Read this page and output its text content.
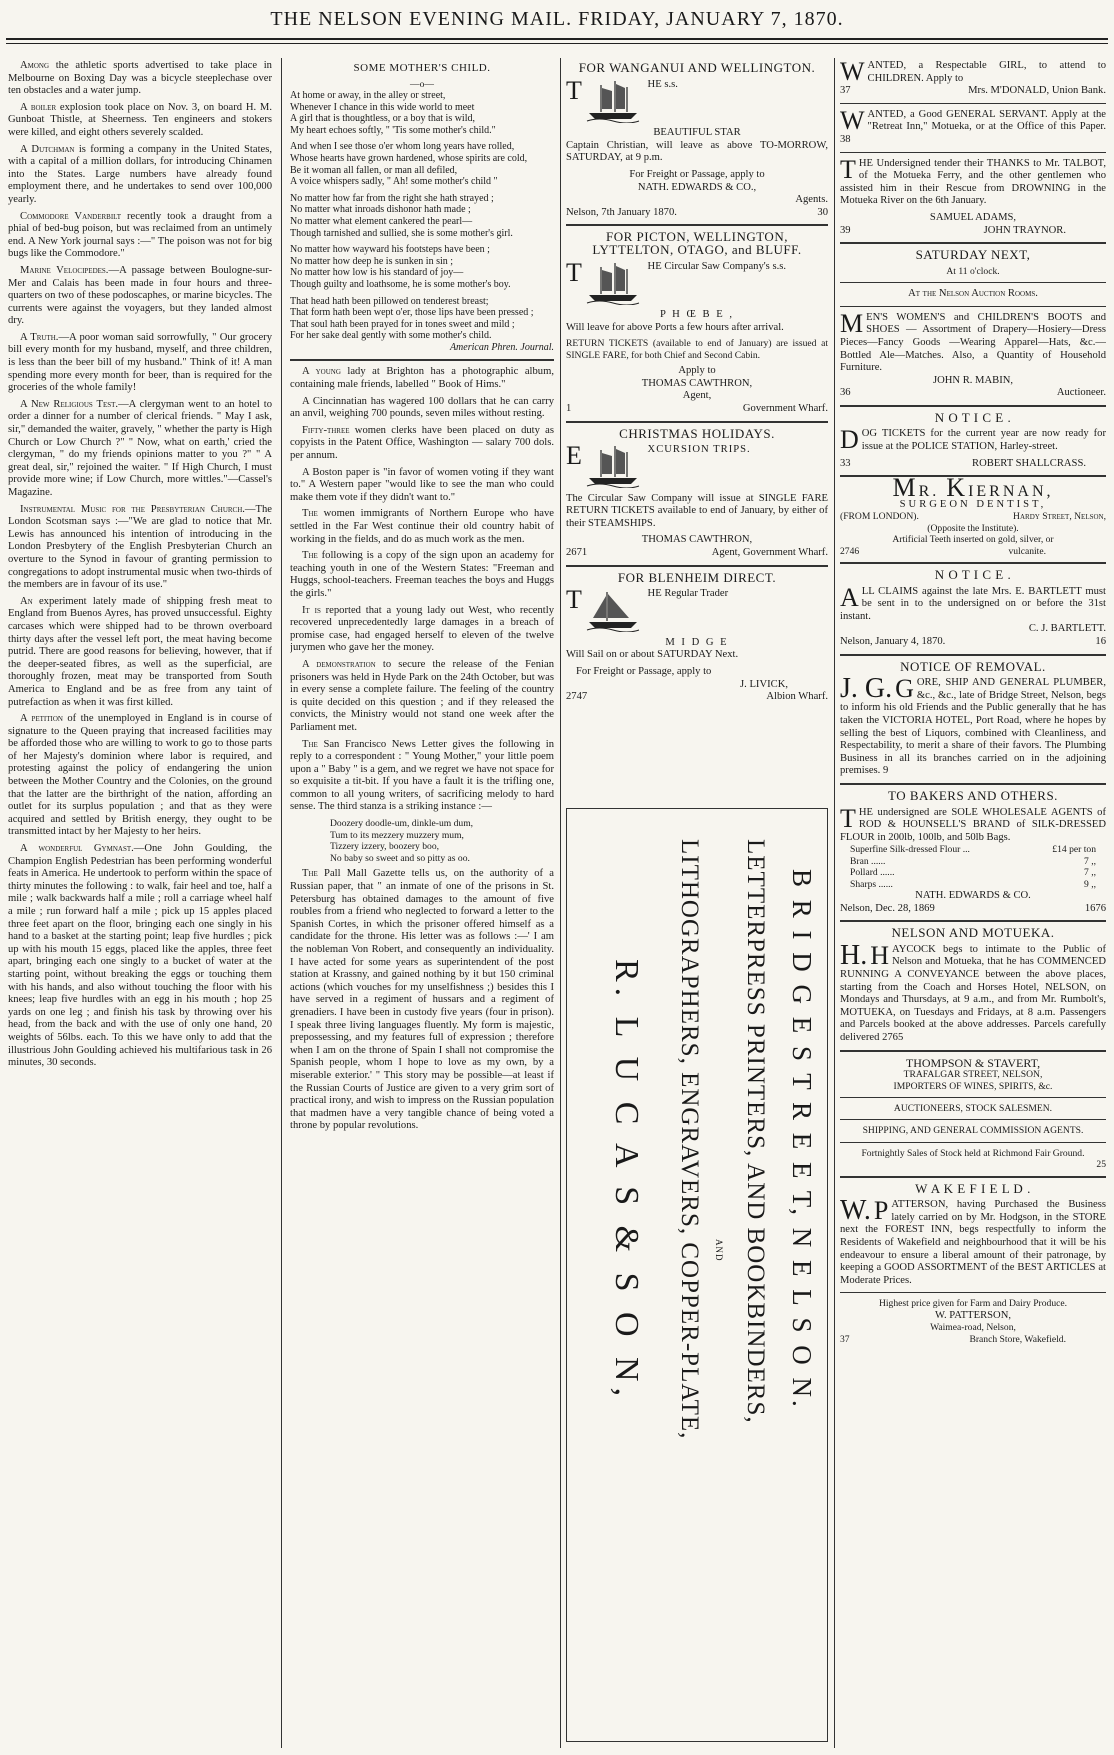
THE NELSON EVENING MAIL. FRIDAY, JANUARY 7, 1870.

Among the athletic sports advertised to take place in Melbourne on Boxing Day was a bicycle steeplechase over ten obstacles and a water jump.

A boiler explosion took place on Nov. 3, on board H. M. Gunboat Thistle, at Sheerness. Ten engineers and stokers were killed, and eight others severely scalded.

A Dutchman is forming a company in the United States, with a capital of a million dollars, for introducing Chinamen into the States. Large numbers have already found employment there, and he undertakes to send over 100,000 yearly.

Commodore Vanderbilt recently took a draught from a phial of bed-bug poison, but was reclaimed from an untimely end. A New York journal says :—" The poison was not for big bugs like the Commodore."

Marine Velocipedes.—A passage between Boulogne-sur-Mer and Calais has been made in four hours and three-quarters on two of these podoscaphes, or marine bicycles. The currents were against the voyagers, but they landed almost dry.

A Truth.—A poor woman said sorrowfully, " Our grocery bill every month for my husband, myself, and three children, is less than the beer bill of my husband." Think of it! A man spending more every month for beer, than is required for the groceries of the whole family!

A New Religious Test.—A clergyman went to an hotel to order a dinner for a number of clerical friends. " May I ask, sir," demanded the waiter, gravely, " whether the party is High Church or Low Church ?" " Now, what on earth,' cried the clergyman, " do my friends opinions matter to you ?" " A great deal, sir," rejoined the waiter. " If High Church, I must provide more wine; if Low Church, more wittles."—Cassel's Magazine.

Instrumental Music for the Presbyterian Church.—The London Scotsman says :—"We are glad to notice that Mr. Lewis has announced his intention of introducing in the London Presbytery of the English Presbyterian Church an overture to the Synod in favour of granting permission to congregations to adopt instrumental music when two-thirds of the members are in favour of its use."

An experiment lately made of shipping fresh meat to England from Buenos Ayres, has proved unsuccessful. Eighty carcases which were shipped had to be thrown overboard thirty days after the vessel left port, the meat having become putrid. There are good reasons for believing, however, that if the deeper-seated fibres, as well as the superficial, are thoroughly frozen, meat may be transported from South America to England and be as free from any taint of putrefaction as when it was first killed.

A petition of the unemployed in England is in course of signature to the Queen praying that increased facilities may be afforded those who are willing to work to go to those parts of her Majesty's dominion where labor is required, and protesting against the policy of endangering the union between the Mother Country and the Colonies, on the ground that the latter are the birthright of the nation, affording an outlet for its surplus population ; and that as they were acquired and settled by British energy, they ought to be transmitted intact by her Majesty to her heirs.

A wonderful Gymnast.—One John Goulding, the Champion English Pedestrian has been performing wonderful feats in America. He undertook to perform within the space of thirty minutes the following : to walk, fair heel and toe, half a mile ; walk backwards half a mile ; roll a carriage wheel half a mile ; run forward half a mile ; pick up 15 apples placed three feet apart on the floor, bringing each one singly in his hand to a basket at the starting point; leap five hurdles ; pick up with his mouth 15 eggs, placed like the apples, three feet apart, bringing each one singly to a bucket of water at the starting point, without breaking the eggs or touching them with his hands, and also without touching the floor with his knees; leap five hurdles with an egg in his mouth ; hop 25 yards on one leg ; and finish his task by throwing over his head, from the back and with the use of only one hand, 20 weights of 56lbs. each. To this we have only to add that the illustrious John Goulding achieved his multifarious task in 26 minutes, 30 seconds.

SOME MOTHER'S CHILD.
—o—
At home or away, in the alley or street,
Whenever I chance in this wide world to meet
A girl that is thoughtless, or a boy that is wild,
My heart echoes softly, " 'Tis some mother's child."
And when I see those o'er whom long years have rolled,
Whose hearts have grown hardened, whose spirits are cold,
Be it woman all fallen, or man all defiled,
A voice whispers sadly, " Ah! some mother's child "
No matter how far from the right she hath strayed ;
No matter what inroads dishonor hath made ;
No matter what element cankered the pearl—
Though tarnished and sullied, she is some mother's girl.
No matter how wayward his footsteps have been ;
No matter how deep he is sunken in sin ;
No matter how low is his standard of joy—
Though guilty and loathsome, he is some mother's boy.
That head hath been pillowed on tenderest breast;
That form hath been wept o'er, those lips have been pressed ;
That soul hath been prayed for in tones sweet and mild ;
For her sake deal gently with some mother's child.
American Phren. Journal.

A young lady at Brighton has a photographic album, containing male friends, labelled " Book of Hims."

A Cincinnatian has wagered 100 dollars that he can carry an anvil, weighing 700 pounds, seven miles without resting.

Fifty-three women clerks have been placed on duty as copyists in the Patent Office, Washington — salary 700 dols. per annum.

A Boston paper is "in favor of women voting if they want to." A Western paper "would like to see the man who could make them vote if they didn't want to."

The women immigrants of Northern Europe who have settled in the Far West continue their old country habit of working in the fields, and do as much work as the men.

The following is a copy of the sign upon an academy for teaching youth in one of the Western States: "Freeman and Huggs, school-teachers. Freeman teaches the boys and Huggs the girls."

It is reported that a young lady out West, who recently recovered unprecedentedly large damages in a breach of promise case, had engaged herself to eleven of the twelve jurymen who gave her the money.

A demonstration to secure the release of the Fenian prisoners was held in Hyde Park on the 24th October, but was in every sense a complete failure. The feeling of the country is quite decided on this question ; and if they released the convicts, the Ministry would not stand one week after the Parliament met.

The San Francisco News Letter gives the following in reply to a correspondent : " Young Mother," your little poem upon a " Baby " is a gem, and we regret we have not space for so exquisite a tit-bit. If you have a fault it is the trifling one, common to all young writers, of sacrificing melody to hard sense. The third stanza is a striking instance :—

Doozery doodle-um, dinkle-um dum,
Tum to its mezzery muzzery mum,
Tizzery izzery, boozery boo,
No baby so sweet and so pitty as oo.

The Pall Mall Gazette tells us, on the authority of a Russian paper, that " an inmate of one of the prisons in St. Petersburg has obtained damages to the amount of five roubles from a friend who neglected to forward a letter to the Spanish Cortes, in which the prisoner offered himself as a candidate for the throne. His letter was as follows :—' I am the nobleman Von Robert, and consequently an individuality. I have acted for some years as superintendent of the post station at Krassny, and gained nothing by it but 150 criminal actions (which vouches for my unselfishness ;) besides this I have served in a regiment of hussars and a regiment of grenadiers. I have been in custody five years (four in prison). I speak three living languages fluently. My form is majestic, prepossessing, and my features full of expression ; therefore when I am on the throne of Spain I shall not compromise the Spanish people, whom I hope to love as my own, by a miserable exterior.' " This story may be possible—at least if the Russian Courts of Justice are given to a very grim sort of practical irony, and wish to impress on the Russian population that madmen have a very tangible chance of being voted a throne by popular revolutions.

FOR WANGANUI AND WELLINGTON.

T	HE s.s.
BEAUTIFUL STAR
Captain Christian, will leave as above TO-MORROW, SATURDAY, at 9 p.m.
For Freight or Passage, apply to
NATH. EDWARDS & CO.,
Agents.
Nelson, 7th January 1870.	30
FOR PICTON, WELLINGTON, LYTTELTON, OTAGO, and BLUFF.

T	HE Circular Saw Company's s.s.
P H Œ B E ,
Will leave for above Ports a few hours after arrival.
RETURN TICKETS (available to end of January) are issued at SINGLE FARE, for both Chief and Second Cabin.
Apply to
THOMAS CAWTHRON,
Agent,
1	Government Wharf.
CHRISTMAS HOLIDAYS.

E	XCURSION TRIPS.
The Circular Saw Company will issue at SINGLE FARE RETURN TICKETS available to end of January, by either of their STEAMSHIPS.
THOMAS CAWTHRON,
2671	Agent, Government Wharf.
FOR BLENHEIM DIRECT.

T	HE Regular Trader
M I D G E
Will Sail on or about SATURDAY Next.
For Freight or Passage, apply to
J. LIVICK,
2747	Albion Wharf.
R. L U C A S & S O N, LITHOGRAPHERS, ENGRAVERS, COPPER-PLATE, AND LETTERPRESS PRINTERS, AND BOOKBINDERS, B R I D G E S T R E E T, N E L S O N.
WANTED, a Respectable GIRL, to attend to CHILDREN. Apply to
37	Mrs. M'DONALD, Union Bank.
WANTED, a Good GENERAL SERVANT. Apply at the "Retreat Inn," Motueka, or at the Office of this Paper. 38
THE Undersigned tender their THANKS to Mr. TALBOT, of the Motueka Ferry, and the other gentlemen who assisted him in their Rescue from DROWNING in the Motueka River on the 6th January.
SAMUEL ADAMS,
39	JOHN TRAYNOR.
SATURDAY NEXT,
At 11 o'clock.
At the Nelson Auction Rooms.
MEN'S WOMEN'S and CHILDREN'S BOOTS and SHOES — Assortment of Drapery—Hosiery—Dress Pieces—Fancy Goods —Wearing Apparel—Hats, &c.—Bottled Ale—Matches. Also, a Quantity of Household Furniture.
JOHN R. MABIN,
36	Auctioneer.
N O T I C E .
DOG TICKETS for the current year are now ready for issue at the POLICE STATION, Harley-street.
33	ROBERT SHALLCRASS.
MR. KIERNAN,
SURGEON DENTIST,
(FROM LONDON).	Hardy Street, Nelson,
(Opposite the Institute).
Artificial Teeth inserted on gold, silver, or
2746	vulcanite.
N O T I C E .
ALL CLAIMS against the late Mrs. E. BARTLETT must be sent in to the undersigned on or before the 31st instant.
C. J. BARTLETT.
Nelson, January 4, 1870.	16
NOTICE OF REMOVAL.
J. G. G ORE, SHIP AND GENERAL PLUMBER, &c., &c., late of Bridge Street, Nelson, begs to inform his old Friends and the Public generally that he has taken the VICTORIA HOTEL, Port Road, where he hopes by selling the best of Liquors, combined with Cleanliness, and Respectability, to merit a share of their favors. The Plumbing Business in all its branches carried on in the adjoining premises. 9
TO BAKERS AND OTHERS.
THE undersigned are SOLE WHOLESALE AGENTS of ROD & HOUNSELL'S BRAND of SILK-DRESSED FLOUR in 200lb, 100lb, and 50lb Bags.
Superfine Silk-dressed Flour ...	£14 per ton
Bran ......	7 ,,
Pollard ......	7 ,,
Sharps ......	9 ,,
NATH. EDWARDS & CO.
Nelson, Dec. 28, 1869	1676
NELSON AND MOTUEKA.
H. H AYCOCK begs to intimate to the Public of Nelson and Motueka, that he has COMMENCED RUNNING A CONVEYANCE between the above places, starting from the Coach and Horses Hotel, NELSON, on Mondays and Thursdays, at 9 a.m., and from Mr. Rumbolt's, MOTUEKA, on Tuesdays and Fridays, at 8 a.m. Passengers and Parcels booked at the above addresses. Parcels carefully delivered 2765
THOMPSON & STAVERT,
TRAFALGAR STREET, NELSON,
IMPORTERS OF WINES, SPIRITS, &c.
AUCTIONEERS, STOCK SALESMEN.
SHIPPING, AND GENERAL COMMISSION AGENTS.
Fortnightly Sales of Stock held at Richmond Fair Ground.
25
W A K E F I E L D .
W. P ATTERSON, having Purchased the Business lately carried on by Mr. Hodgson, in the STORE next the FOREST INN, begs respectfully to inform the Residents of Wakefield and neighbourhood that it will be his endeavour to ensure a liberal amount of their patronage, by keeping a GOOD ASSORTMENT of the BEST ARTICLES at Moderate Prices.
Highest price given for Farm and Dairy Produce.
W. PATTERSON,
Waimea-road, Nelson,
37	Branch Store, Wakefield.
